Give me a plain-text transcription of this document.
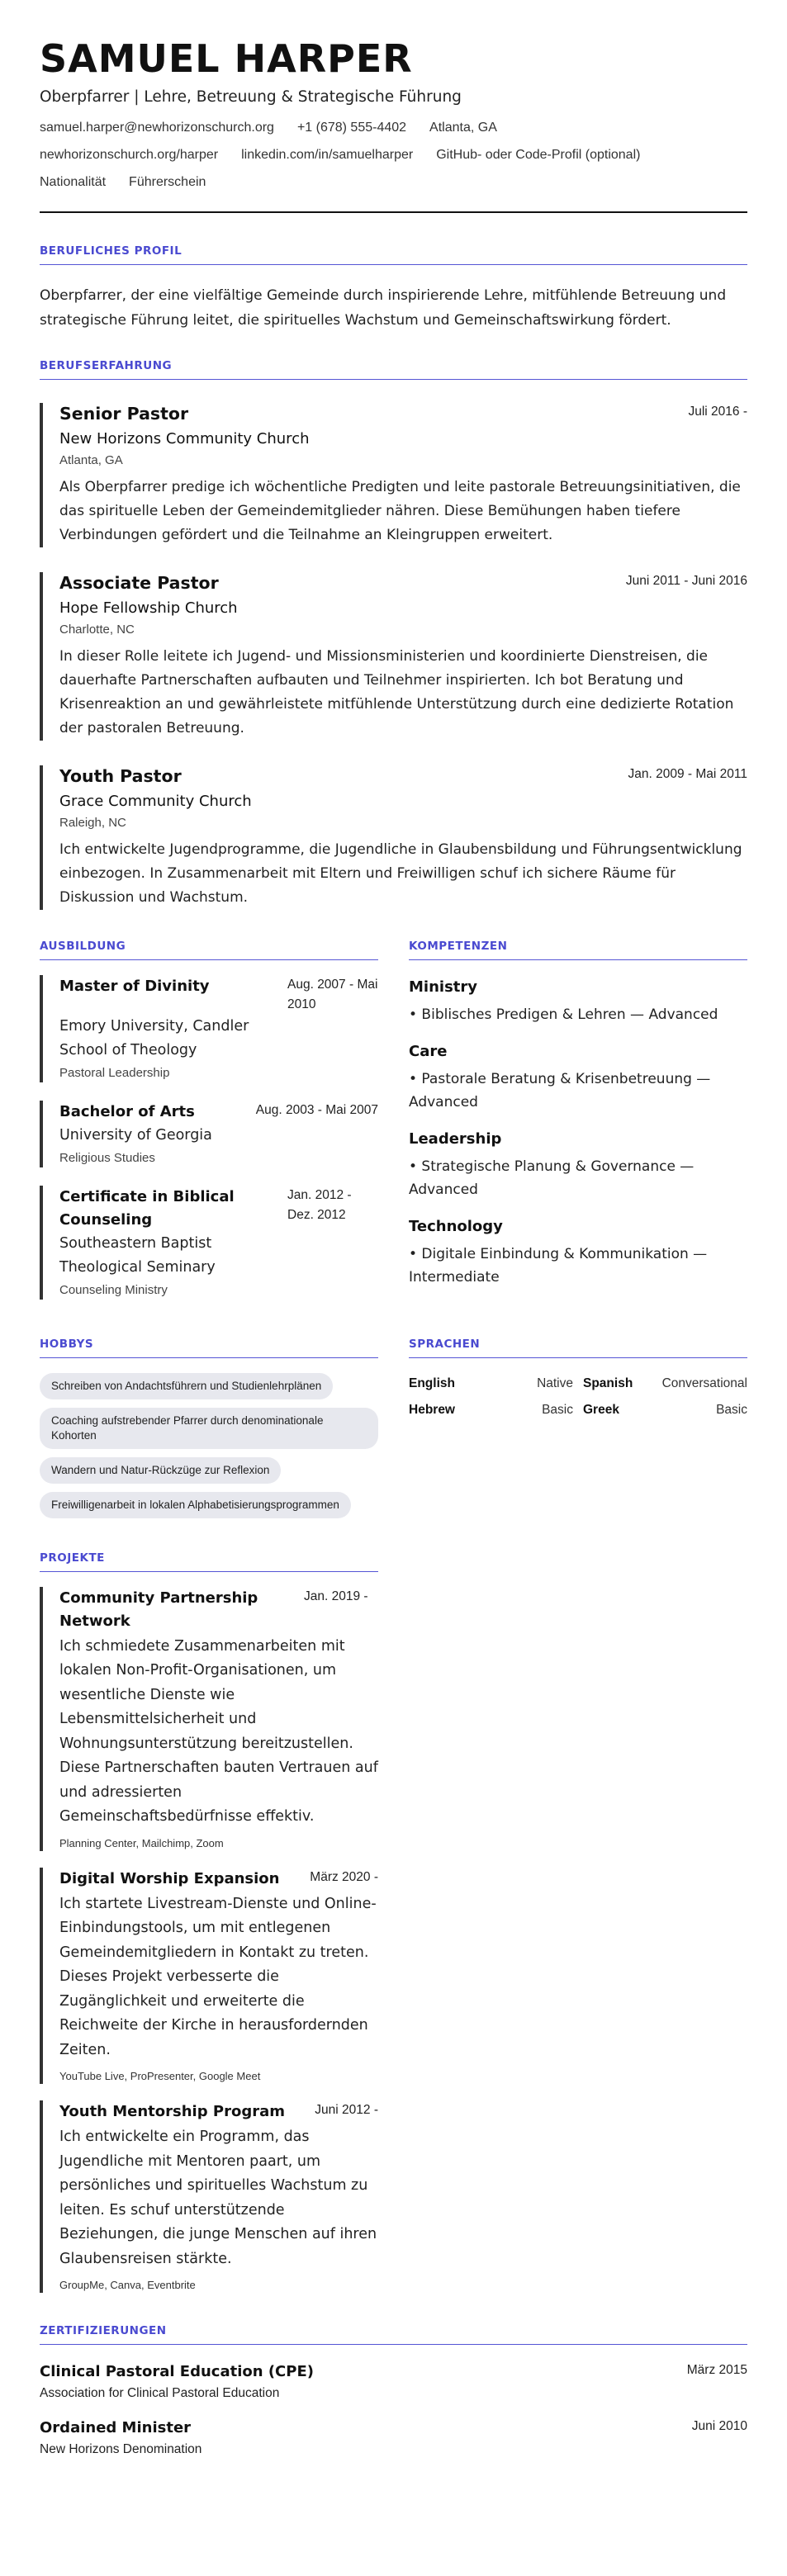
SAMUEL HARPER
Oberpfarrer | Lehre, Betreuung & Strategische Führung
samuel.harper@newhorizonschurch.org +1 (678) 555-4402 Atlanta, GA
newhorizonschurch.org/harper linkedin.com/in/samuelharper GitHub- oder Code-Profil (optional)
Nationalität Führerschein
BERUFLICHES PROFIL
Oberpfarrer, der eine vielfältige Gemeinde durch inspirierende Lehre, mitfühlende Betreuung und strategische Führung leitet, die spirituelles Wachstum und Gemeinschaftswirkung fördert.
BERUFSERFAHRUNG
Senior Pastor	Juli 2016 -
New Horizons Community Church
Atlanta, GA
Als Oberpfarrer predige ich wöchentliche Predigten und leite pastorale Betreuungsinitiativen, die das spirituelle Leben der Gemeindemitglieder nähren. Diese Bemühungen haben tiefere Verbindungen gefördert und die Teilnahme an Kleingruppen erweitert.
Associate Pastor	Juni 2011 - Juni 2016
Hope Fellowship Church
Charlotte, NC
In dieser Rolle leitete ich Jugend- und Missionsministerien und koordinierte Dienstreisen, die dauerhafte Partnerschaften aufbauten und Teilnehmer inspirierten. Ich bot Beratung und Krisenreaktion an und gewährleistete mitfühlende Unterstützung durch eine dedizierte Rotation der pastoralen Betreuung.
Youth Pastor	Jan. 2009 - Mai 2011
Grace Community Church
Raleigh, NC
Ich entwickelte Jugendprogramme, die Jugendliche in Glaubensbildung und Führungsentwicklung einbezogen. In Zusammenarbeit mit Eltern und Freiwilligen schuf ich sichere Räume für Diskussion und Wachstum.
AUSBILDUNG
Master of Divinity	Aug. 2007 - Mai 2010
Emory University, Candler School of Theology
Pastoral Leadership
Bachelor of Arts	Aug. 2003 - Mai 2007
University of Georgia
Religious Studies
Certificate in Biblical Counseling
Jan. 2012 - Dez. 2012
Southeastern Baptist Theological Seminary
Counseling Ministry
KOMPETENZEN
Ministry
• Biblisches Predigen & Lehren — Advanced
Care
• Pastorale Beratung & Krisenbetreuung — Advanced
Leadership
• Strategische Planung & Governance — Advanced
Technology
• Digitale Einbindung & Kommunikation — Intermediate
HOBBYS
Schreiben von Andachtsführern und Studienlehrplänen
Coaching aufstrebender Pfarrer durch denominationale Kohorten
Wandern und Natur-Rückzüge zur Reflexion
Freiwilligenarbeit in lokalen Alphabetisierungsprogrammen
SPRACHEN
English	Native Spanish Conversational
Hebrew	Basic Greek	Basic
PROJEKTE
Community Partnership Network
Jan. 2019 -
Ich schmiedete Zusammenarbeiten mit lokalen Non-Profit-Organisationen, um wesentliche Dienste wie Lebensmittelsicherheit und Wohnungsunterstützung bereitzustellen. Diese Partnerschaften bauten Vertrauen auf und adressierten Gemeinschaftsbedürfnisse effektiv.
Planning Center, Mailchimp, Zoom
Digital Worship Expansion März 2020 -
Ich startete Livestream-Dienste und Online-Einbindungstools, um mit entlegenen Gemeindemitgliedern in Kontakt zu treten. Dieses Projekt verbesserte die Zugänglichkeit und erweiterte die Reichweite der Kirche in herausfordernden Zeiten.
YouTube Live, ProPresenter, Google Meet
Youth Mentorship Program Juni 2012 -
Ich entwickelte ein Programm, das Jugendliche mit Mentoren paart, um persönliches und spirituelles Wachstum zu leiten. Es schuf unterstützende Beziehungen, die junge Menschen auf ihren Glaubensreisen stärkte.
GroupMe, Canva, Eventbrite
ZERTIFIZIERUNGEN
Clinical Pastoral Education (CPE)
Association for Clinical Pastoral Education
März 2015
Ordained Minister
New Horizons Denomination
Juni 2010
